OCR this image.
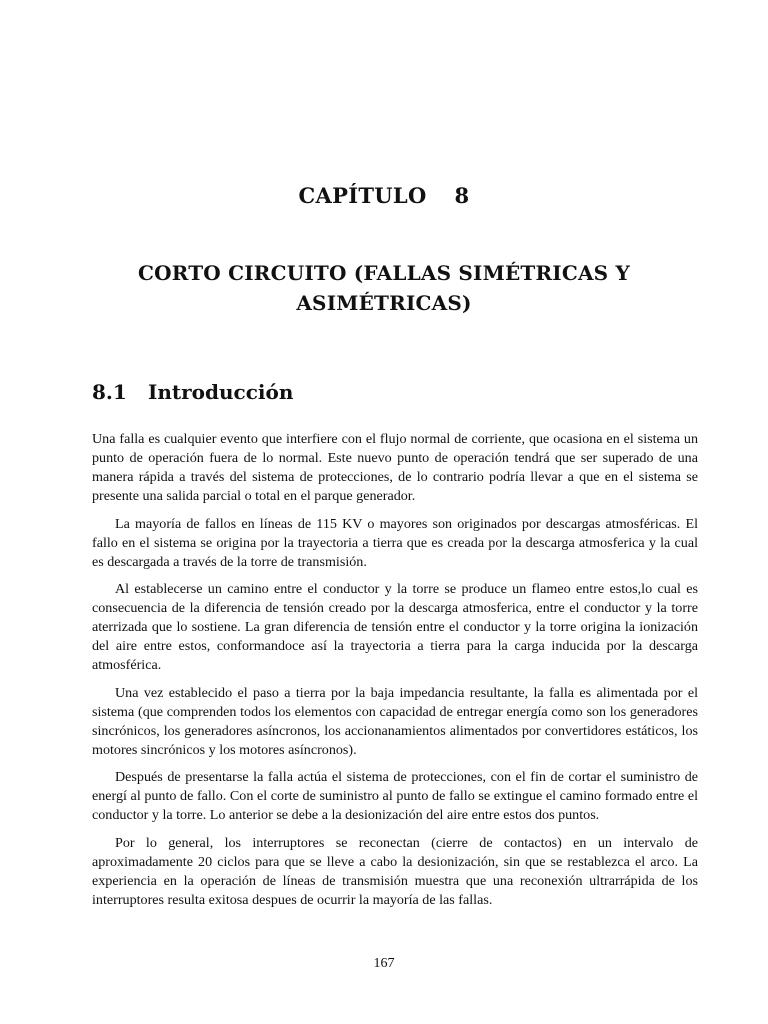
CAPÍTULO 8
CORTO CIRCUITO (FALLAS SIMÉTRICAS Y ASIMÉTRICAS)
8.1 Introducción

Una falla es cualquier evento que interfiere con el flujo normal de corriente, que ocasiona en el sistema un punto de operación fuera de lo normal. Este nuevo punto de operación tendrá que ser superado de una manera rápida a través del sistema de protecciones, de lo contrario podría llevar a que en el sistema se presente una salida parcial o total en el parque generador.

La mayoría de fallos en líneas de 115 KV o mayores son originados por descargas atmosféricas. El fallo en el sistema se origina por la trayectoria a tierra que es creada por la descarga atmosferica y la cual es descargada a través de la torre de transmisión.

Al establecerse un camino entre el conductor y la torre se produce un flameo entre estos,lo cual es consecuencia de la diferencia de tensión creado por la descarga atmosferica, entre el conductor y la torre aterrizada que lo sostiene. La gran diferencia de tensión entre el conductor y la torre origina la ionización del aire entre estos, conformandoce así la trayectoria a tierra para la carga inducida por la descarga atmosférica.

Una vez establecido el paso a tierra por la baja impedancia resultante, la falla es alimentada por el sistema (que comprenden todos los elementos con capacidad de entregar energía como son los generadores sincrónicos, los generadores asíncronos, los accionanamientos alimentados por convertidores estáticos, los motores sincrónicos y los motores asíncronos).

Después de presentarse la falla actúa el sistema de protecciones, con el fin de cortar el suministro de energí al punto de fallo. Con el corte de suministro al punto de fallo se extingue el camino formado entre el conductor y la torre. Lo anterior se debe a la desionización del aire entre estos dos puntos.

Por lo general, los interruptores se reconectan (cierre de contactos) en un intervalo de aproximadamente 20 ciclos para que se lleve a cabo la desionización, sin que se restablezca el arco. La experiencia en la operación de líneas de transmisión muestra que una reconexión ultrarrápida de los interruptores resulta exitosa despues de ocurrir la mayoría de las fallas.

167
